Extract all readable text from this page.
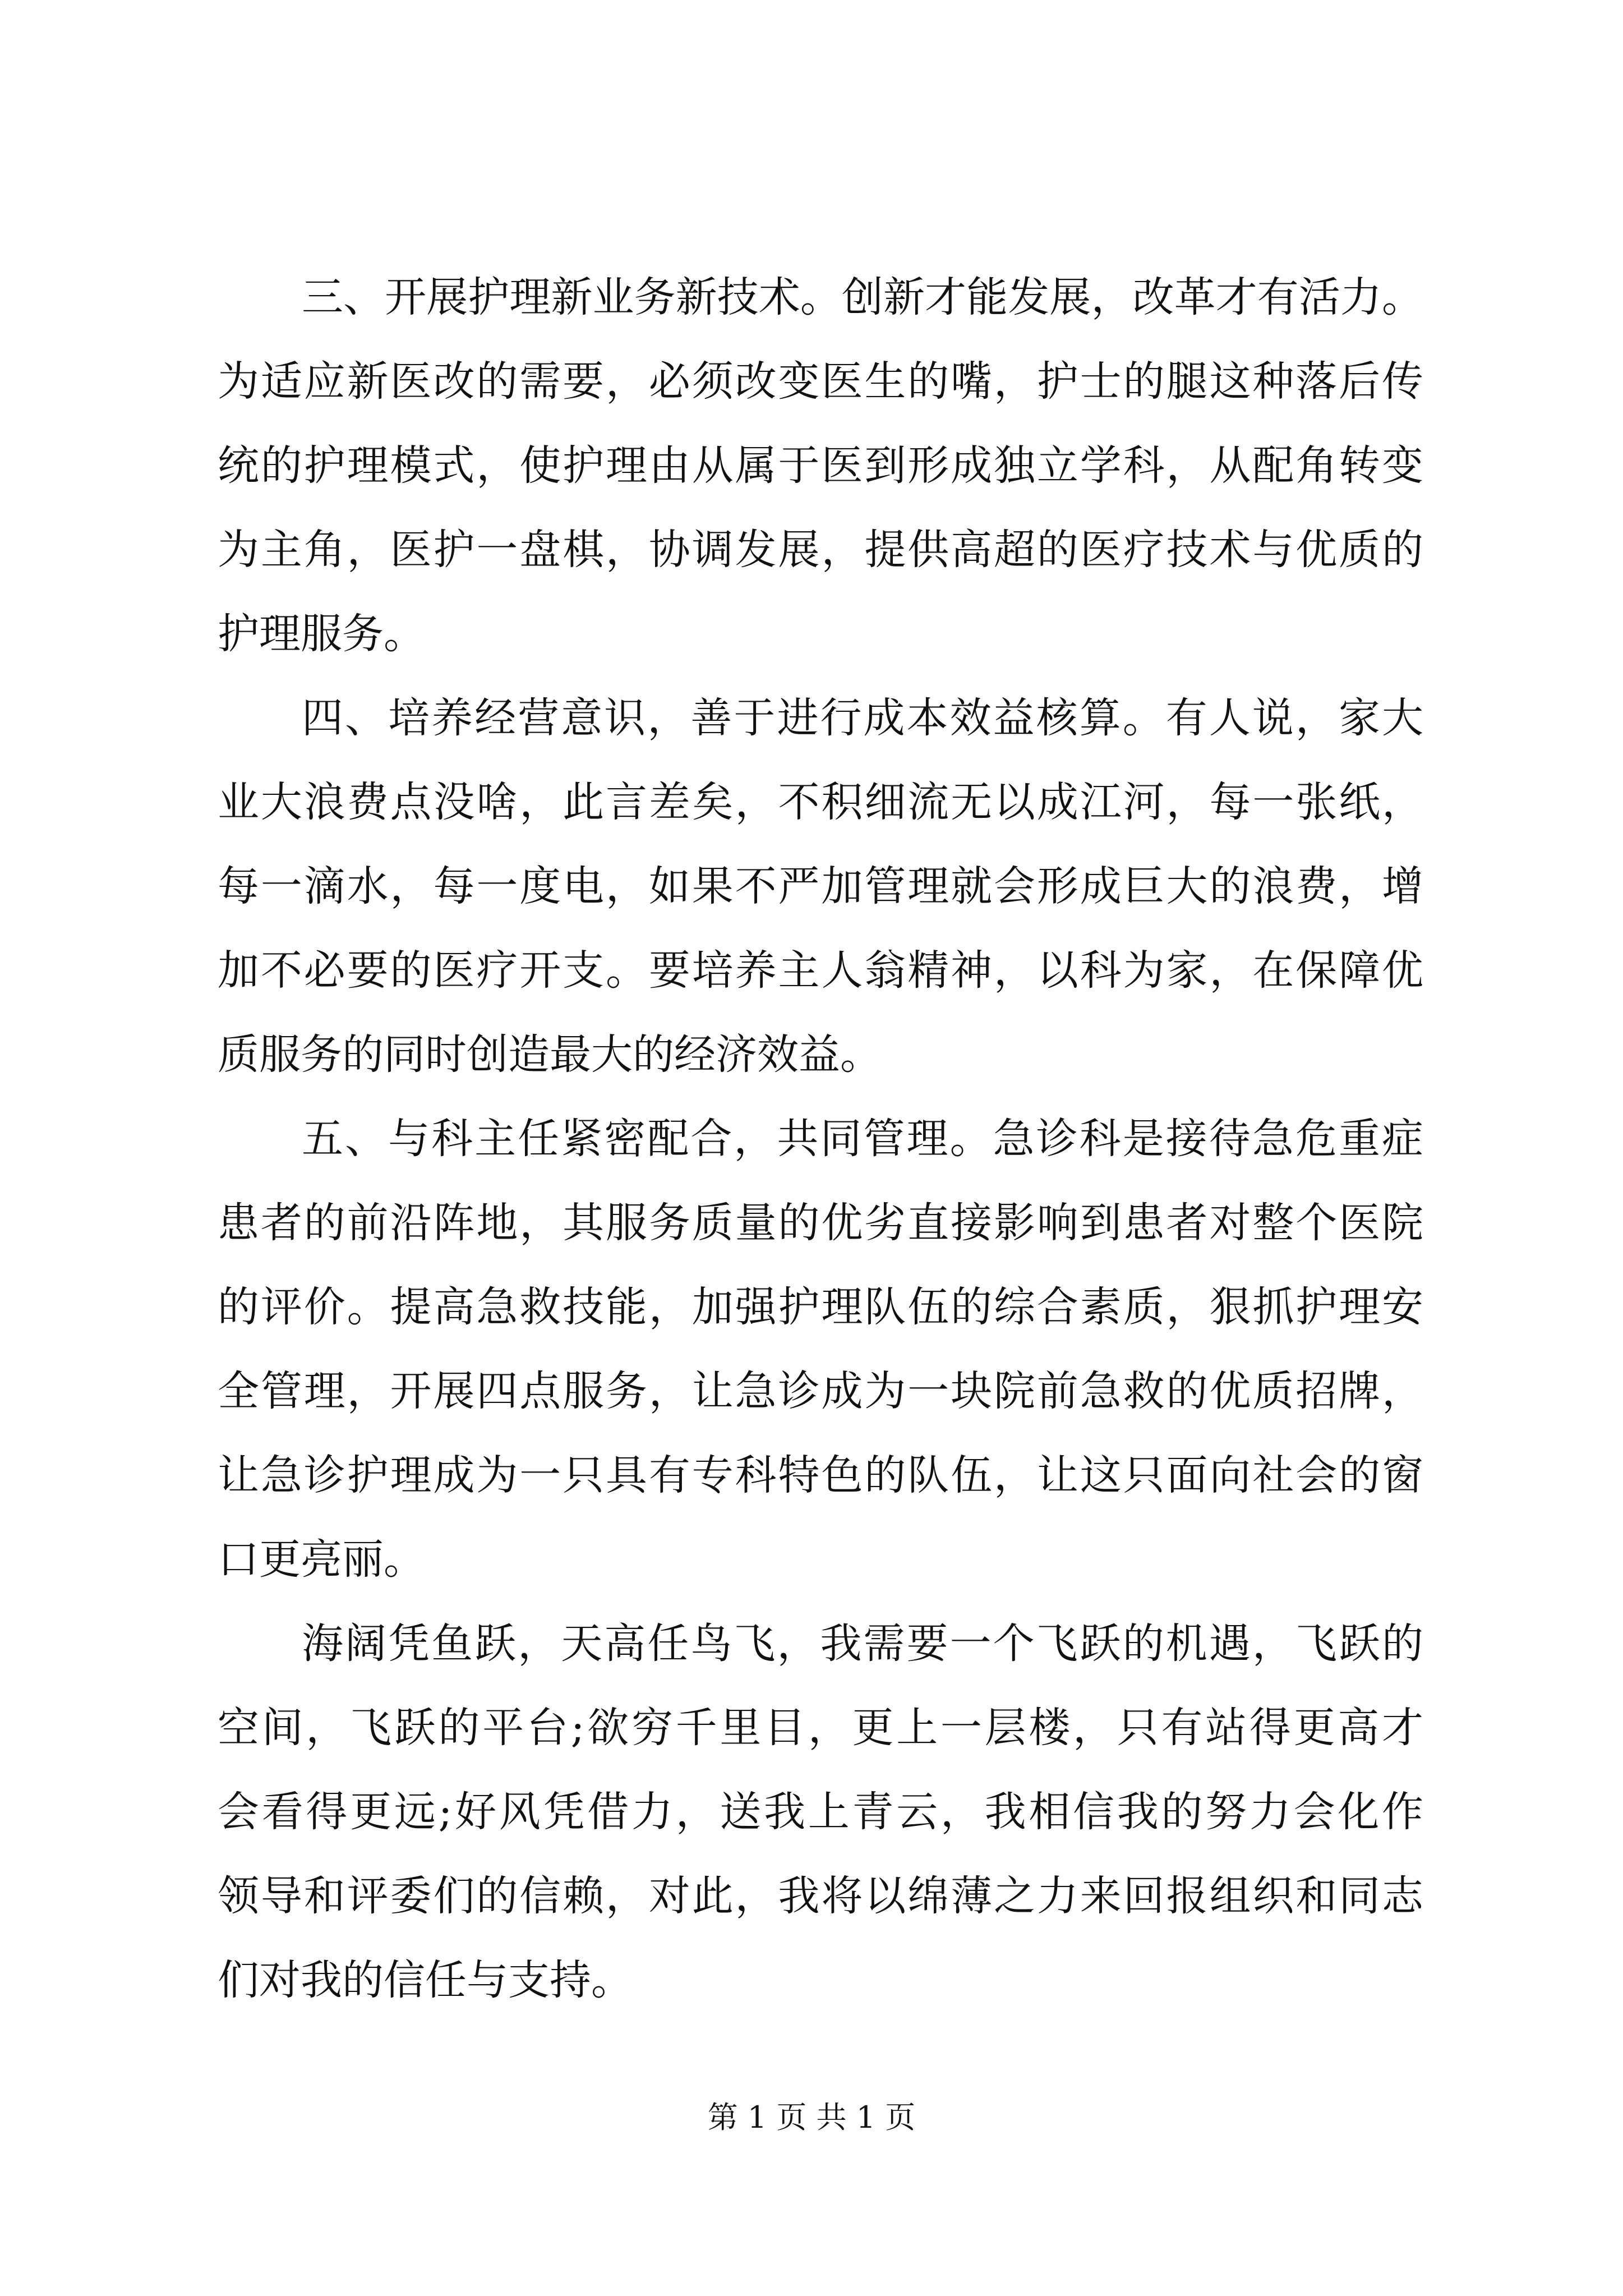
三、开展护理新业务新技术。创新才能发展，改革才有活力。
为适应新医改的需要，必须改变医生的嘴，护士的腿这种落后传
统的护理模式，使护理由从属于医到形成独立学科，从配角转变
为主角，医护一盘棋，协调发展，提供高超的医疗技术与优质的
护理服务。
四、培养经营意识，善于进行成本效益核算。有人说，家大
业大浪费点没啥，此言差矣，不积细流无以成江河，每一张纸，
每一滴水，每一度电，如果不严加管理就会形成巨大的浪费，增
加不必要的医疗开支。要培养主人翁精神，以科为家，在保障优
质服务的同时创造最大的经济效益。
五、与科主任紧密配合，共同管理。急诊科是接待急危重症
患者的前沿阵地，其服务质量的优劣直接影响到患者对整个医院
的评价。提高急救技能，加强护理队伍的综合素质，狠抓护理安
全管理，开展四点服务，让急诊成为一块院前急救的优质招牌，
让急诊护理成为一只具有专科特色的队伍，让这只面向社会的窗
口更亮丽。
海阔凭鱼跃，天高任鸟飞，我需要一个飞跃的机遇，飞跃的
空间，飞跃的平台;欲穷千里目，更上一层楼，只有站得更高才
会看得更远;好风凭借力，送我上青云，我相信我的努力会化作
领导和评委们的信赖，对此，我将以绵薄之力来回报组织和同志
们对我的信任与支持。
第 1 页 共 1 页
